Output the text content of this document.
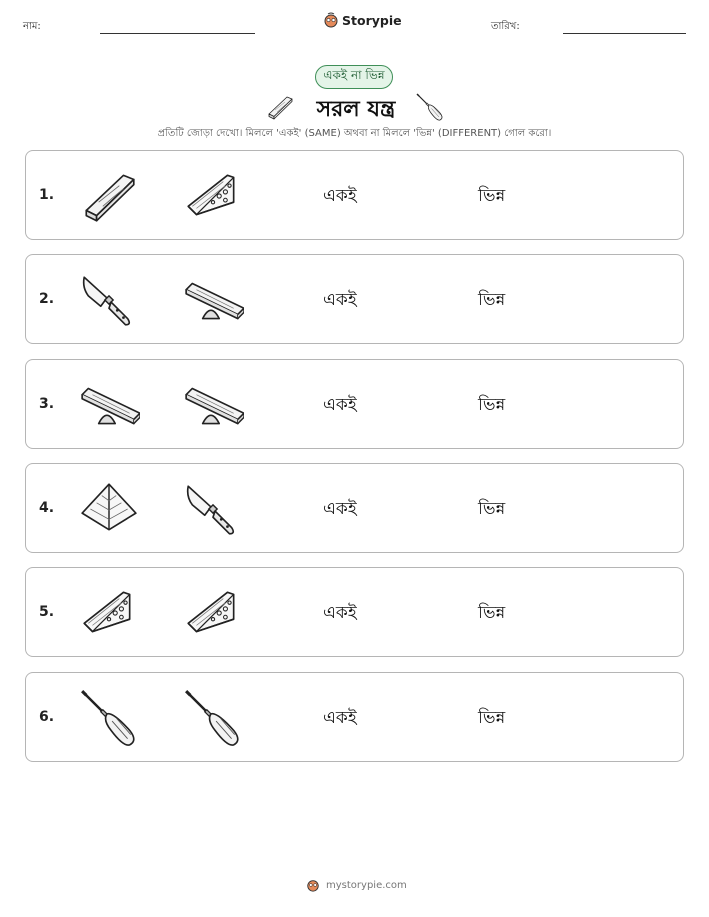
নাম:	Storypie	তারিখ:
একই না ভিন্ন
সরল যন্ত্র
প্রতিটি জোড়া দেখো। মিললে 'একই' (SAME) অথবা না মিললে 'ভিন্ন' (DIFFERENT) গোল করো।
1.	একই	ভিন্ন
2.	একই	ভিন্ন
3.	একই	ভিন্ন
4.	একই	ভিন্ন
5.	একই	ভিন্ন
6.	একই	ভিন্ন
mystorypie.com
